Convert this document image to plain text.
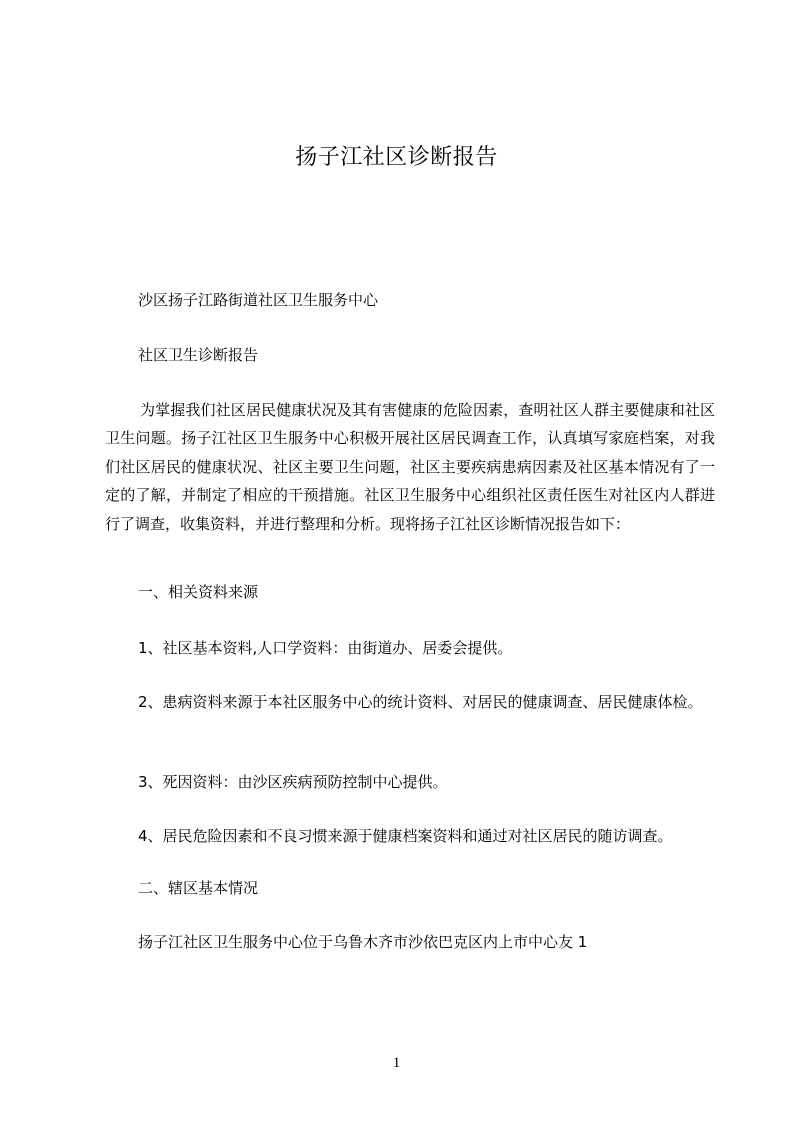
扬子江社区诊断报告
沙区扬子江路街道社区卫生服务中心
社区卫生诊断报告
为掌握我们社区居民健康状况及其有害健康的危险因素，查明社区人群主要健康和社区卫生问题。扬子江社区卫生服务中心积极开展社区居民调查工作，认真填写家庭档案，对我们社区居民的健康状况、社区主要卫生问题，社区主要疾病患病因素及社区基本情况有了一定的了解，并制定了相应的干预措施。社区卫生服务中心组织社区责任医生对社区内人群进行了调查，收集资料，并进行整理和分析。现将扬子江社区诊断情况报告如下：
一、相关资料来源
1、社区基本资料,人口学资料：由街道办、居委会提供。
2、患病资料来源于本社区服务中心的统计资料、对居民的健康调查、居民健康体检。
3、死因资料：由沙区疾病预防控制中心提供。
4、居民危险因素和不良习惯来源于健康档案资料和通过对社区居民的随访调查。
二、辖区基本情况
扬子江社区卫生服务中心位于乌鲁木齐市沙依巴克区内上市中心友 1
1
